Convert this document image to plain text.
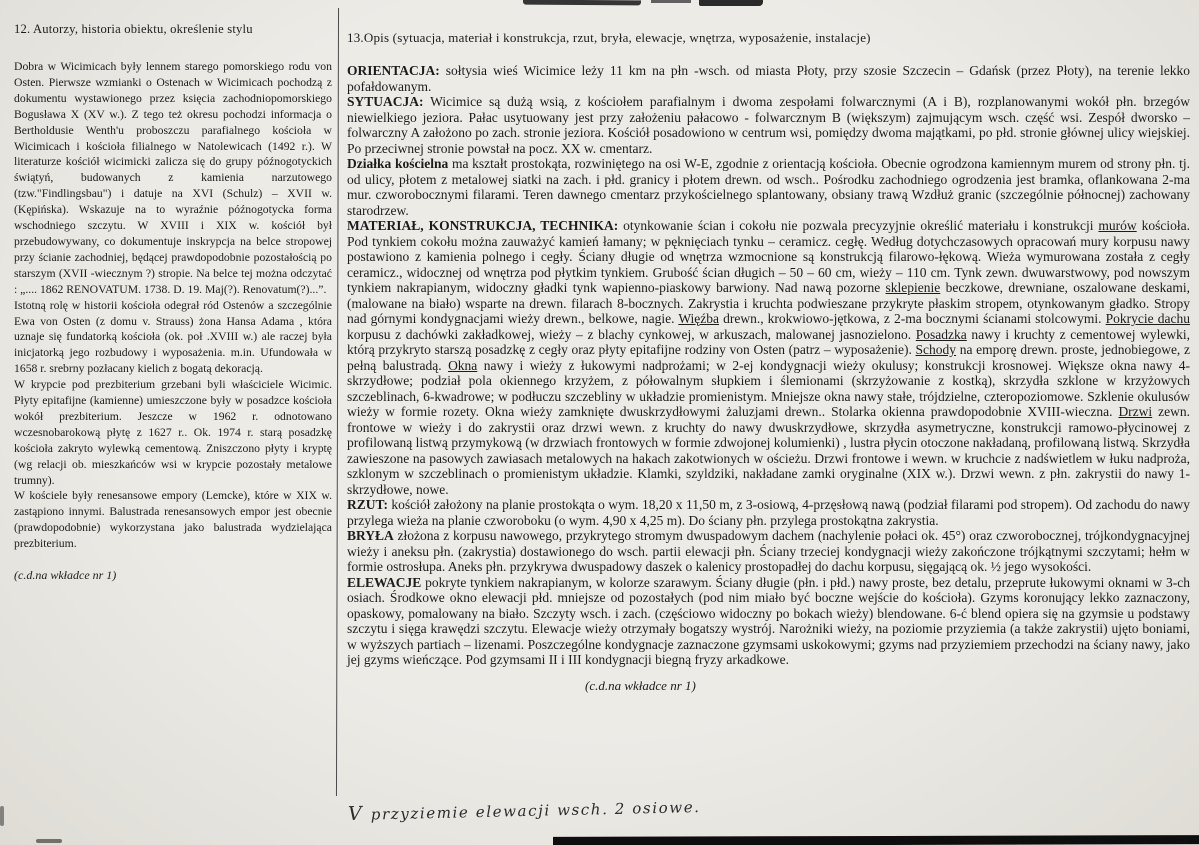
12. Autorzy, historia obiektu, określenie stylu

Dobra w Wicimicach były lennem starego pomorskiego rodu von Osten. Pierwsze wzmianki o Ostenach w Wicimicach pochodzą z dokumentu wystawionego przez księcia zachodniopomorskiego Bogusława X (XV w.). Z tego też okresu pochodzi informacja o Bertholdusie Wenth'u proboszczu parafialnego kościoła w Wicimicach i kościoła filialnego w Natolewicach (1492 r.). W literaturze kościół wicimicki zalicza się do grupy późnogotyckich świątyń, budowanych z kamienia narzutowego (tzw."Findlingsbau") i datuje na XVI (Schulz) – XVII w. (Kępińska). Wskazuje na to wyraźnie późnogotycka forma wschodniego szczytu. W XVIII i XIX w. kościół był przebudowywany, co dokumentuje inskrypcja na belce stropowej przy ścianie zachodniej, będącej prawdopodobnie pozostałością po starszym (XVII -wiecznym ?) stropie. Na belce tej można odczytać : „.... 1862 RENOVATUM. 1738. D. 19. Maj(?). Renovatum(?)...”.

Istotną rolę w historii kościoła odegrał ród Ostenów a szczególnie Ewa von Osten (z domu v. Strauss) żona Hansa Adama , która uznaje się fundatorką kościoła (ok. poł .XVIII w.) ale raczej była inicjatorką jego rozbudowy i wyposażenia. m.in. Ufundowała w 1658 r. srebrny pozłacany kielich z bogatą dekoracją.

W krypcie pod prezbiterium grzebani byli właściciele Wicimic. Płyty epitafijne (kamienne) umieszczone były w posadzce kościoła wokół prezbiterium. Jeszcze w 1962 r. odnotowano wczesnobarokową płytę z 1627 r.. Ok. 1974 r. starą posadzkę kościoła zakryto wylewką cementową. Zniszczono płyty i kryptę (wg relacji ob. mieszkańców wsi w krypcie pozostały metalowe trumny).

W kościele były renesansowe empory (Lemcke), które w XIX w. zastąpiono innymi. Balustrada renesansowych empor jest obecnie (prawdopodobnie) wykorzystana jako balustrada wydzielająca prezbiterium.

(c.d.na wkładce nr 1)
13.Opis (sytuacja, materiał i konstrukcja, rzut, bryła, elewacje, wnętrza, wyposażenie, instalacje)

ORIENTACJA: sołtysia wieś Wicimice leży 11 km na płn -wsch. od miasta Płoty, przy szosie Szczecin – Gdańsk (przez Płoty), na terenie lekko pofałdowanym.

SYTUACJA: Wicimice są dużą wsią, z kościołem parafialnym i dwoma zespołami folwarcznymi (A i B), rozplanowanymi wokół płn. brzegów niewielkiego jeziora. Pałac usytuowany jest przy założeniu pałacowo - folwarcznym B (większym) zajmującym wsch. część wsi. Zespół dworsko – folwarczny A założono po zach. stronie jeziora. Kościół posadowiono w centrum wsi, pomiędzy dwoma majątkami, po płd. stronie głównej ulicy wiejskiej. Po przeciwnej stronie powstał na pocz. XX w. cmentarz.

Działka kościelna ma kształt prostokąta, rozwiniętego na osi W-E, zgodnie z orientacją kościoła. Obecnie ogrodzona kamiennym murem od strony płn. tj. od ulicy, płotem z metalowej siatki na zach. i płd. granicy i płotem drewn. od wsch.. Pośrodku zachodniego ogrodzenia jest bramka, oflankowana 2-ma mur. czworobocznymi filarami. Teren dawnego cmentarz przykościelnego splantowany, obsiany trawą Wzdłuż granic (szczególnie północnej) zachowany starodrzew.

MATERIAŁ, KONSTRUKCJA, TECHNIKA: otynkowanie ścian i cokołu nie pozwala precyzyjnie określić materiału i konstrukcji murów kościoła. Pod tynkiem cokołu można zauważyć kamień łamany; w pęknięciach tynku – ceramicz. cegłę. Według dotychczasowych opracowań mury korpusu nawy postawiono z kamienia polnego i cegły. Ściany długie od wnętrza wzmocnione są konstrukcją filarowo-łękową. Wieża wymurowana została z cegły ceramicz., widocznej od wnętrza pod płytkim tynkiem. Grubość ścian długich – 50 – 60 cm, wieży – 110 cm. Tynk zewn. dwuwarstwowy, pod nowszym tynkiem nakrapianym, widoczny gładki tynk wapienno-piaskowy barwiony. Nad nawą pozorne sklepienie beczkowe, drewniane, oszalowane deskami, (malowane na biało) wsparte na drewn. filarach 8-bocznych. Zakrystia i kruchta podwieszane przykryte płaskim stropem, otynkowanym gładko. Stropy nad górnymi kondygnacjami wieży drewn., belkowe, nagie. Więźba drewn., krokwiowo-jętkowa, z 2-ma bocznymi ścianami stolcowymi. Pokrycie dachu korpusu z dachówki zakładkowej, wieży – z blachy cynkowej, w arkuszach, malowanej jasnozielono. Posadzka nawy i kruchty z cementowej wylewki, którą przykryto starszą posadzkę z cegły oraz płyty epitafijne rodziny von Osten (patrz – wyposażenie). Schody na emporę drewn. proste, jednobiegowe, z pełną balustradą. Okna nawy i wieży z łukowymi nadprożami; w 2-ej kondygnacji wieży okulusy; konstrukcji krosnowej. Większe okna nawy 4-skrzydłowe; podział pola okiennego krzyżem, z półowalnym słupkiem i ślemionami (skrzyżowanie z kostką), skrzydła szklone w krzyżowych szczeblinach, 6-kwadrowe; w podłuczu szczebliny w układzie promienistym. Mniejsze okna nawy stałe, trójdzielne, czteropoziomowe. Szklenie okulusów wieży w formie rozety. Okna wieży zamknięte dwuskrzydłowymi żaluzjami drewn.. Stolarka okienna prawdopodobnie XVIII-wieczna. Drzwi zewn. frontowe w wieży i do zakrystii oraz drzwi wewn. z kruchty do nawy dwuskrzydłowe, skrzydła asymetryczne, konstrukcji ramowo-płycinowej z profilowaną listwą przymykową (w drzwiach frontowych w formie zdwojonej kolumienki) , lustra płycin otoczone nakładaną, profilowaną listwą. Skrzydła zawieszone na pasowych zawiasach metalowych na hakach zakotwionych w ościeżu. Drzwi frontowe i wewn. w kruchcie z nadświetlem w łuku nadproża, szklonym w szczeblinach o promienistym układzie. Klamki, szyldziki, nakładane zamki oryginalne (XIX w.). Drzwi wewn. z płn. zakrystii do nawy 1-skrzydłowe, nowe.

RZUT: kościół założony na planie prostokąta o wym. 18,20 x 11,50 m, z 3-osiową, 4-przęsłową nawą (podział filarami pod stropem). Od zachodu do nawy przylega wieża na planie czworoboku (o wym. 4,90 x 4,25 m). Do ściany płn. przylega prostokątna zakrystia.

BRYŁA złożona z korpusu nawowego, przykrytego stromym dwuspadowym dachem (nachylenie połaci ok. 45°) oraz czworobocznej, trójkondygnacyjnej wieży i aneksu płn. (zakrystia) dostawionego do wsch. partii elewacji płn. Ściany trzeciej kondygnacji wieży zakończone trójkątnymi szczytami; hełm w formie ostrosłupa. Aneks płn. przykrywa dwuspadowy daszek o kalenicy prostopadłej do dachu korpusu, sięgającą ok. ½ jego wysokości.

ELEWACJE pokryte tynkiem nakrapianym, w kolorze szarawym. Ściany długie (płn. i płd.) nawy proste, bez detalu, przeprute łukowymi oknami w 3-ch osiach. Środkowe okno elewacji płd. mniejsze od pozostałych (pod nim miało być boczne wejście do kościoła). Gzyms koronujący lekko zaznaczony, opaskowy, pomalowany na biało. Szczyty wsch. i zach. (częściowo widoczny po bokach wieży) blendowane. 6-ć blend opiera się na gzymsie u podstawy szczytu i sięga krawędzi szczytu. Elewacje wieży otrzymały bogatszy wystrój. Narożniki wieży, na poziomie przyziemia (a także zakrystii) ujęto boniami, w wyższych partiach – lizenami. Poszczególne kondygnacje zaznaczone gzymsami uskokowymi; gzyms nad przyziemiem przechodzi na ściany nawy, jako jej gzyms wieńczące. Pod gzymsami II i III kondygnacji biegną fryzy arkadkowe.

(c.d.na wkładce nr 1)
V przyziemie elewacji wsch. 2 osiowe.
